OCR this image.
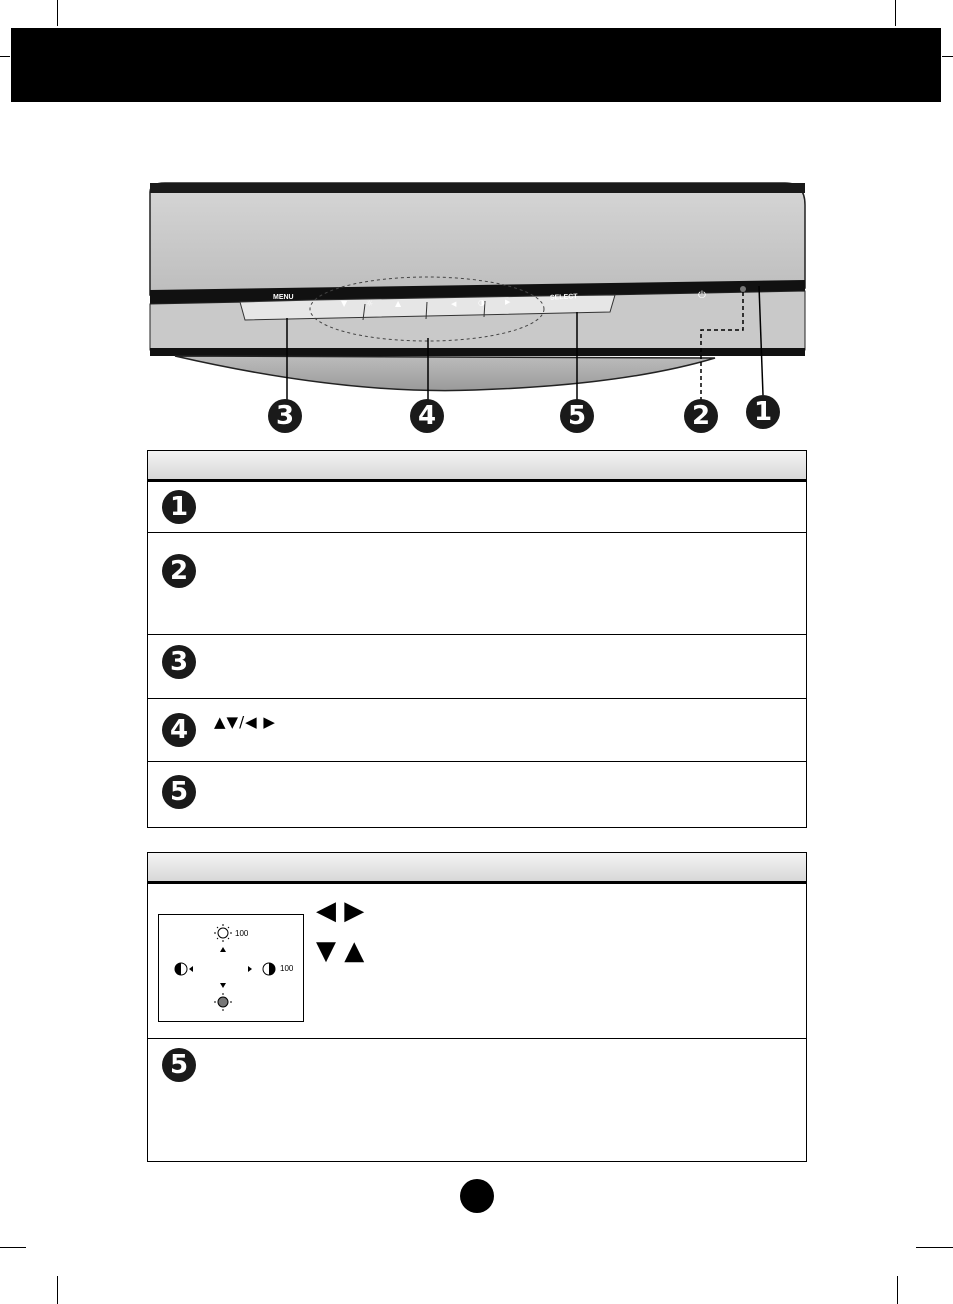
▼ ☼	▲	◀	◑	▶
⏻
MENU	SELECT
3	4	5	2	1
1
2
3
4	▲▼/◀ ▶
5
100
100
◀ ▶
▼ ▲
5
